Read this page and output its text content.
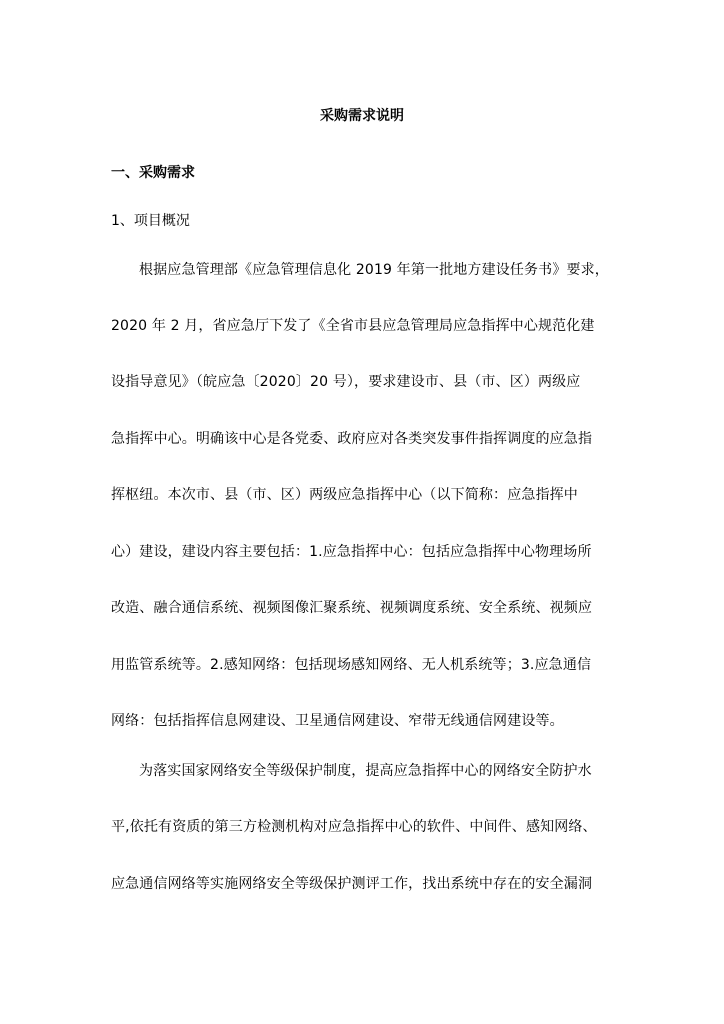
采购需求说明
一、采购需求
1、项目概况
根据应急管理部《应急管理信息化 2019 年第一批地方建设任务书》要求，
2020 年 2 月，省应急厅下发了《全省市县应急管理局应急指挥中心规范化建
设指导意见》（皖应急〔2020〕20 号），要求建设市、县（市、区）两级应
急指挥中心。明确该中心是各党委、政府应对各类突发事件指挥调度的应急指
挥枢纽。本次市、县（市、区）两级应急指挥中心（以下简称：应急指挥中
心）建设，建设内容主要包括：1.应急指挥中心：包括应急指挥中心物理场所
改造、融合通信系统、视频图像汇聚系统、视频调度系统、安全系统、视频应
用监管系统等。2.感知网络：包括现场感知网络、无人机系统等；3.应急通信
网络：包括指挥信息网建设、卫星通信网建设、窄带无线通信网建设等。
为落实国家网络安全等级保护制度，提高应急指挥中心的网络安全防护水
平,依托有资质的第三方检测机构对应急指挥中心的软件、中间件、感知网络、
应急通信网络等实施网络安全等级保护测评工作，找出系统中存在的安全漏洞
